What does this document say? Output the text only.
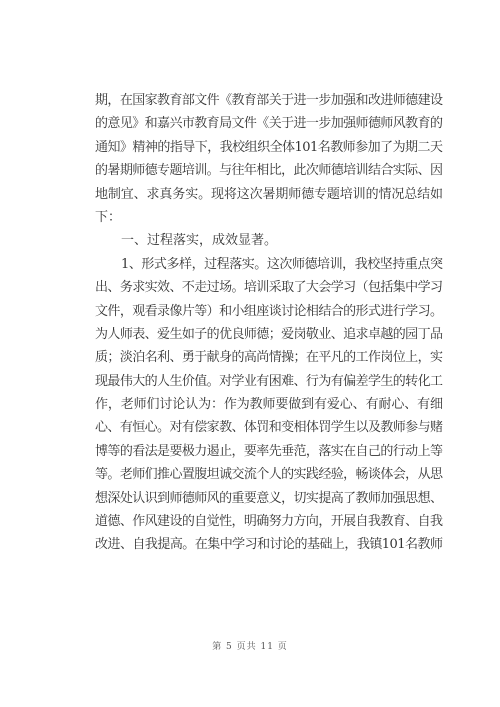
期，在国家教育部文件《教育部关于进一步加强和改进师德建设
的意见》和嘉兴市教育局文件《关于进一步加强师德师风教育的
通知》精神的指导下，我校组织全体101名教师参加了为期二天
的暑期师德专题培训。与往年相比，此次师德培训结合实际、因
地制宜、求真务实。现将这次暑期师德专题培训的情况总结如
下：
一、过程落实，成效显著。
1、形式多样，过程落实。这次师德培训，我校坚持重点突
出、务求实效、不走过场。培训采取了大会学习（包括集中学习
文件，观看录像片等）和小组座谈讨论相结合的形式进行学习。
为人师表、爱生如子的优良师德；爱岗敬业、追求卓越的园丁品
质；淡泊名利、勇于献身的高尚情操；在平凡的工作岗位上，实
现最伟大的人生价值。对学业有困难、行为有偏差学生的转化工
作，老师们讨论认为：作为教师要做到有爱心、有耐心、有细
心、有恒心。对有偿家教、体罚和变相体罚学生以及教师参与赌
博等的看法是要极力遏止，要率先垂范，落实在自己的行动上等
等。老师们推心置腹坦诚交流个人的实践经验，畅谈体会，从思
想深处认识到师德师风的重要意义，切实提高了教师加强思想、
道德、作风建设的自觉性，明确努力方向，开展自我教育、自我
改进、自我提高。在集中学习和讨论的基础上，我镇101名教师
第 5 页共 11 页
